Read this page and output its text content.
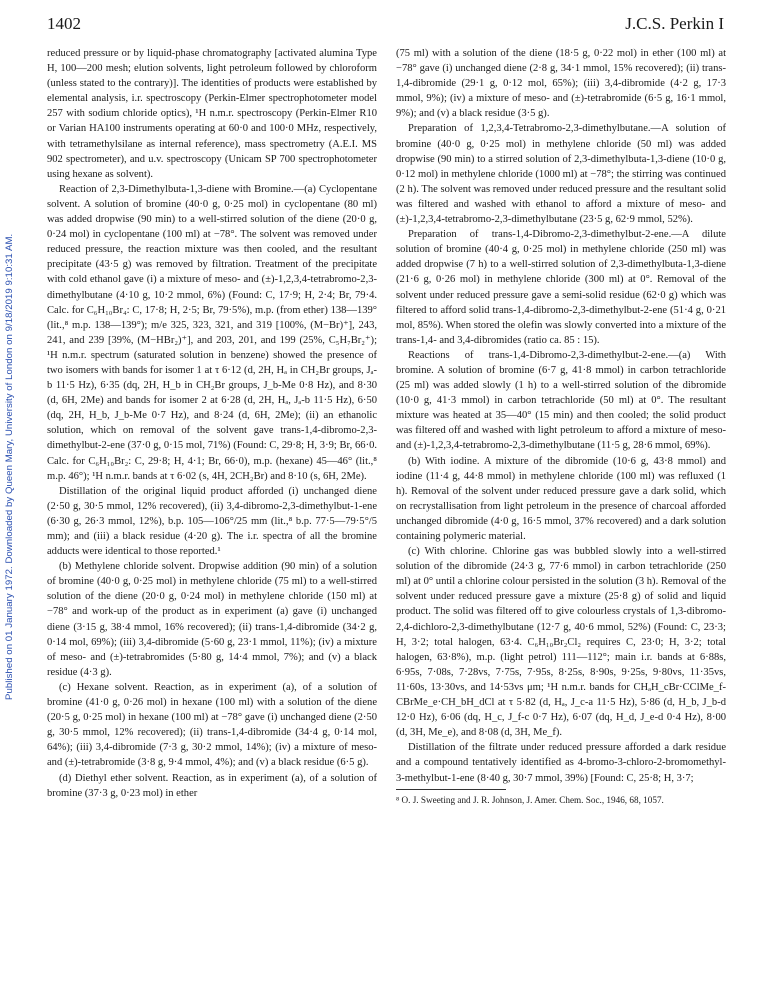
Published on 01 January 1972. Downloaded by Queen Mary, University of London on 9/18/2019 9:10:31 AM.
1402	J.C.S. Perkin I

reduced pressure or by liquid-phase chromatography [activated alumina Type H, 100—200 mesh; elution solvents, light petroleum followed by chloroform (unless stated to the contrary)]. The identities of products were established by elemental analysis, i.r. spectroscopy (Perkin-Elmer spectrophotometer model 257 with sodium chloride optics), ¹H n.m.r. spectroscopy (Perkin-Elmer R10 or Varian HA100 instruments operating at 60·0 and 100·0 MHz, respectively, with tetramethylsilane as internal reference), mass spectrometry (A.E.I. MS 902 spectrometer), and u.v. spectroscopy (Unicam SP 700 spectrophotometer using hexane as solvent).

Reaction of 2,3-Dimethylbuta-1,3-diene with Bromine.—(a) Cyclopentane solvent. A solution of bromine (40·0 g, 0·25 mol) in cyclopentane (80 ml) was added dropwise (90 min) to a well-stirred solution of the diene (20·0 g, 0·24 mol) in cyclopentane (100 ml) at −78°. The solvent was removed under reduced pressure, the reaction mixture was then cooled, and the resultant precipitate (43·5 g) was removed by filtration. Treatment of the precipitate with cold ethanol gave (i) a mixture of meso- and (±)-1,2,3,4-tetrabromo-2,3-dimethylbutane (4·10 g, 10·2 mmol, 6%) (Found: C, 17·9; H, 2·4; Br, 79·4. Calc. for C₆H₁₀Br₄: C, 17·8; H, 2·5; Br, 79·5%), m.p. (from ether) 138—139° (lit.,⁸ m.p. 138—139°); m/e 325, 323, 321, and 319 [100%, (M−Br)⁺], 243, 241, and 239 [39%, (M−HBr₂)⁺], and 203, 201, and 199 (25%, C₅H₇Br₂⁺); ¹H n.m.r. spectrum (saturated solution in benzene) showed the presence of two isomers with bands for isomer 1 at τ 6·12 (d, 2H, Hₐ in CH₂Br groups, Jₐ-b 11·5 Hz), 6·35 (dq, 2H, H_b in CH₂Br groups, J_b-Me 0·8 Hz), and 8·30 (d, 6H, 2Me) and bands for isomer 2 at 6·28 (d, 2H, Hₐ, Jₐ-b 11·5 Hz), 6·50 (dq, 2H, H_b, J_b-Me 0·7 Hz), and 8·24 (d, 6H, 2Me); (ii) an ethanolic solution, which on removal of the solvent gave trans-1,4-dibromo-2,3-dimethylbut-2-ene (37·0 g, 0·15 mol, 71%) (Found: C, 29·8; H, 3·9; Br, 66·0. Calc. for C₆H₁₀Br₂: C, 29·8; H, 4·1; Br, 66·0), m.p. (hexane) 45—46° (lit.,⁸ m.p. 46°); ¹H n.m.r. bands at τ 6·02 (s, 4H, 2CH₂Br) and 8·10 (s, 6H, 2Me).

Distillation of the original liquid product afforded (i) unchanged diene (2·50 g, 30·5 mmol, 12% recovered), (ii) 3,4-dibromo-2,3-dimethylbut-1-ene (6·30 g, 26·3 mmol, 12%), b.p. 105—106°/25 mm (lit.,⁸ b.p. 77·5—79·5°/5 mm); and (iii) a black residue (4·20 g). The i.r. spectra of all the bromine adducts were identical to those reported.¹

(b) Methylene chloride solvent. Dropwise addition (90 min) of a solution of bromine (40·0 g, 0·25 mol) in methylene chloride (75 ml) to a well-stirred solution of the diene (20·0 g, 0·24 mol) in methylene chloride (150 ml) at −78° and work-up of the product as in experiment (a) gave (i) unchanged diene (3·15 g, 38·4 mmol, 16% recovered); (ii) trans-1,4-dibromide (34·2 g, 0·14 mol, 69%); (iii) 3,4-dibromide (5·60 g, 23·1 mmol, 11%); (iv) a mixture of meso- and (±)-tetrabromides (5·80 g, 14·4 mmol, 7%); and (v) a black residue (4·3 g).

(c) Hexane solvent. Reaction, as in experiment (a), of a solution of bromine (41·0 g, 0·26 mol) in hexane (100 ml) with a solution of the diene (20·5 g, 0·25 mol) in hexane (100 ml) at −78° gave (i) unchanged diene (2·50 g, 30·5 mmol, 12% recovered); (ii) trans-1,4-dibromide (34·4 g, 0·14 mol, 64%); (iii) 3,4-dibromide (7·3 g, 30·2 mmol, 14%); (iv) a mixture of meso- and (±)-tetrabromide (3·8 g, 9·4 mmol, 4%); and (v) a black residue (6·5 g).

(d) Diethyl ether solvent. Reaction, as in experiment (a), of a solution of bromine (37·3 g, 0·23 mol) in ether

(75 ml) with a solution of the diene (18·5 g, 0·22 mol) in ether (100 ml) at −78° gave (i) unchanged diene (2·8 g, 34·1 mmol, 15% recovered); (ii) trans-1,4-dibromide (29·1 g, 0·12 mol, 65%); (iii) 3,4-dibromide (4·2 g, 17·3 mmol, 9%); (iv) a mixture of meso- and (±)-tetrabromide (6·5 g, 16·1 mmol, 9%); and (v) a black residue (3·5 g).

Preparation of 1,2,3,4-Tetrabromo-2,3-dimethylbutane.—A solution of bromine (40·0 g, 0·25 mol) in methylene chloride (50 ml) was added dropwise (90 min) to a stirred solution of 2,3-dimethylbuta-1,3-diene (10·0 g, 0·12 mol) in methylene chloride (1000 ml) at −78°; the stirring was continued (2 h). The solvent was removed under reduced pressure and the resultant solid was filtered and washed with ethanol to afford a mixture of meso- and (±)-1,2,3,4-tetrabromo-2,3-dimethylbutane (23·5 g, 62·9 mmol, 52%).

Preparation of trans-1,4-Dibromo-2,3-dimethylbut-2-ene.—A dilute solution of bromine (40·4 g, 0·25 mol) in methylene chloride (250 ml) was added dropwise (7 h) to a well-stirred solution of 2,3-dimethylbuta-1,3-diene (21·6 g, 0·26 mol) in methylene chloride (300 ml) at 0°. Removal of the solvent under reduced pressure gave a semi-solid residue (62·0 g) which was filtered to afford solid trans-1,4-dibromo-2,3-dimethylbut-2-ene (51·4 g, 0·21 mol, 85%). When stored the olefin was slowly converted into a mixture of the trans-1,4- and 3,4-dibromides (ratio ca. 85 : 15).

Reactions of trans-1,4-Dibromo-2,3-dimethylbut-2-ene.—(a) With bromine. A solution of bromine (6·7 g, 41·8 mmol) in carbon tetrachloride (25 ml) was added slowly (1 h) to a well-stirred solution of the dibromide (10·0 g, 41·3 mmol) in carbon tetrachloride (50 ml) at 0°. The resultant mixture was heated at 35—40° (15 min) and then cooled; the solid product was filtered off and washed with light petroleum to afford a mixture of meso- and (±)-1,2,3,4-tetrabromo-2,3-dimethylbutane (11·5 g, 28·6 mmol, 69%).

(b) With iodine. A mixture of the dibromide (10·6 g, 43·8 mmol) and iodine (11·4 g, 44·8 mmol) in methylene chloride (100 ml) was refluxed (1 h). Removal of the solvent under reduced pressure gave a dark solid, which on recrystallisation from light petroleum in the presence of charcoal afforded unchanged dibromide (4·0 g, 16·5 mmol, 37% recovered) and a dark solution containing polymeric material.

(c) With chlorine. Chlorine gas was bubbled slowly into a well-stirred solution of the dibromide (24·3 g, 77·6 mmol) in carbon tetrachloride (250 ml) at 0° until a chlorine colour persisted in the solution (3 h). Removal of the solvent under reduced pressure gave a mixture (25·8 g) of solid and liquid product. The solid was filtered off to give colourless crystals of 1,3-dibromo-2,4-dichloro-2,3-dimethylbutane (12·7 g, 40·6 mmol, 52%) (Found: C, 23·3; H, 3·2; total halogen, 63·4. C₆H₁₀Br₂Cl₂ requires C, 23·0; H, 3·2; total halogen, 63·8%), m.p. (light petrol) 111—112°; main i.r. bands at 6·88s, 6·95s, 7·08s, 7·28vs, 7·75s, 7·95s, 8·25s, 8·90s, 9·25s, 9·80vs, 11·35vs, 11·60s, 13·30vs, and 14·53vs μm; ¹H n.m.r. bands for CHₐH_cBr·CClMe_f-CBrMe_e·CH_bH_dCl at τ 5·82 (d, Hₐ, J_c-a 11·5 Hz), 5·86 (d, H_b, J_b-d 12·0 Hz), 6·06 (dq, H_c, J_f-c 0·7 Hz), 6·07 (dq, H_d, J_e-d 0·4 Hz), 8·00 (d, 3H, Me_e), and 8·08 (d, 3H, Me_f).

Distillation of the filtrate under reduced pressure afforded a dark residue and a compound tentatively identified as 4-bromo-3-chloro-2-bromomethyl-3-methylbut-1-ene (8·40 g, 30·7 mmol, 39%) [Found: C, 25·8; H, 3·7;

⁸ O. J. Sweeting and J. R. Johnson, J. Amer. Chem. Soc., 1946, 68, 1057.
